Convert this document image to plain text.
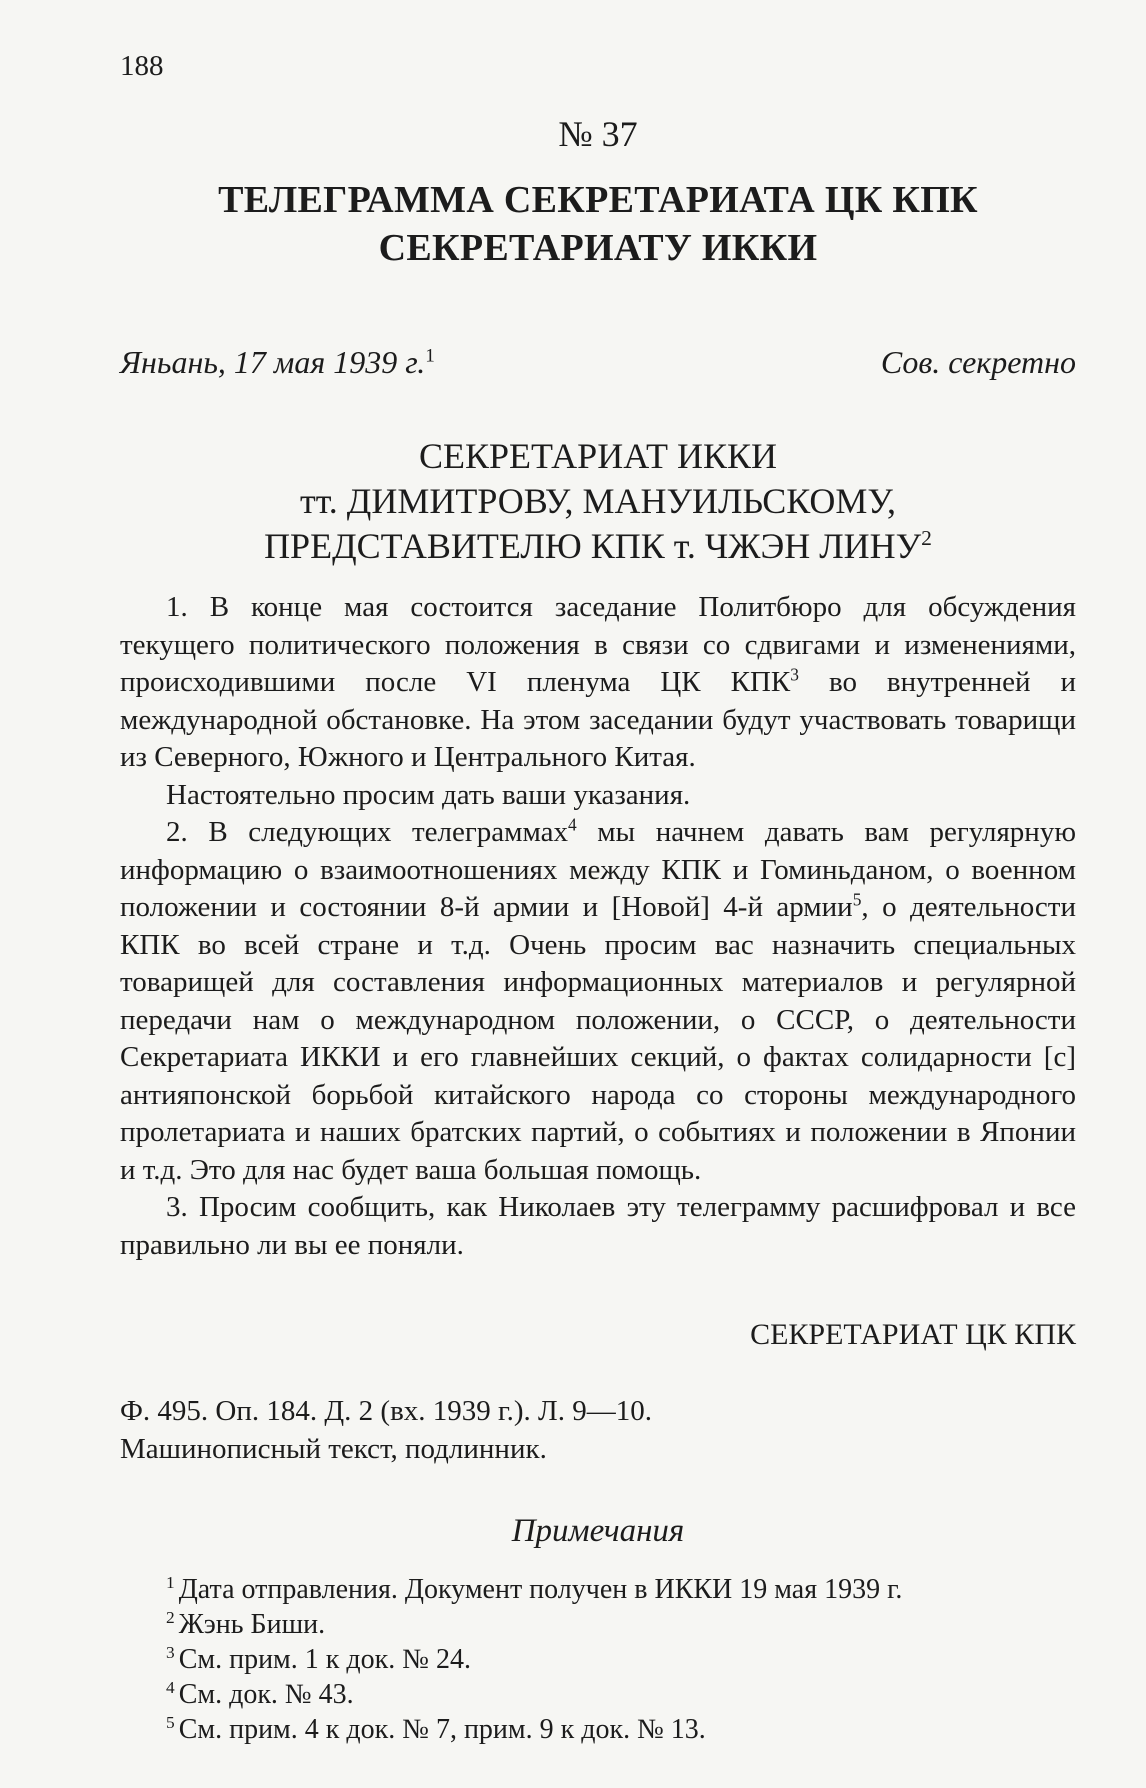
188
№ 37
ТЕЛЕГРАММА СЕКРЕТАРИАТА ЦК КПК
СЕКРЕТАРИАТУ ИККИ
Яньань, 17 мая 1939 г.$^1$	Сов. секретно
СЕКРЕТАРИАТ ИККИ
тт. ДИМИТРОВУ, МАНУИЛЬСКОМУ,
ПРЕДСТАВИТЕЛЮ КПК т. ЧЖЭН ЛИНУ$^2$

1. В конце мая состоится заседание Политбюро для обсуждения текущего политического положения в связи со сдвигами и изменениями, происходившими после VI пленума ЦК КПК$^3$ во внутренней и международной обстановке. На этом заседании будут участвовать товарищи из Северного, Южного и Центрального Китая.

Настоятельно просим дать ваши указания.

2. В следующих телеграммах$^4$ мы начнем давать вам регулярную информацию о взаимоотношениях между КПК и Гоминьданом, о военном положении и состоянии 8-й армии и [Новой] 4-й армии$^5$, о деятельности КПК во всей стране и т.д. Очень просим вас назначить специальных товарищей для составления информационных материалов и регулярной передачи нам о международном положении, о СССР, о деятельности Секретариата ИККИ и его главнейших секций, о фактах солидарности [с] антияпонской борьбой китайского народа со стороны международного пролетариата и наших братских партий, о событиях и положении в Японии и т.д. Это для нас будет ваша большая помощь.

3. Просим сообщить, как Николаев эту телеграмму расшифровал и все правильно ли вы ее поняли.

СЕКРЕТАРИАТ ЦК КПК
Ф. 495. Оп. 184. Д. 2 (вх. 1939 г.). Л. 9—10.
Машинописный текст, подлинник.
Примечания
$^1$ Дата отправления. Документ получен в ИККИ 19 мая 1939 г.
$^2$ Жэнь Биши.
$^3$ См. прим. 1 к док. № 24.
$^4$ См. док. № 43.
$^5$ См. прим. 4 к док. № 7, прим. 9 к док. № 13.
